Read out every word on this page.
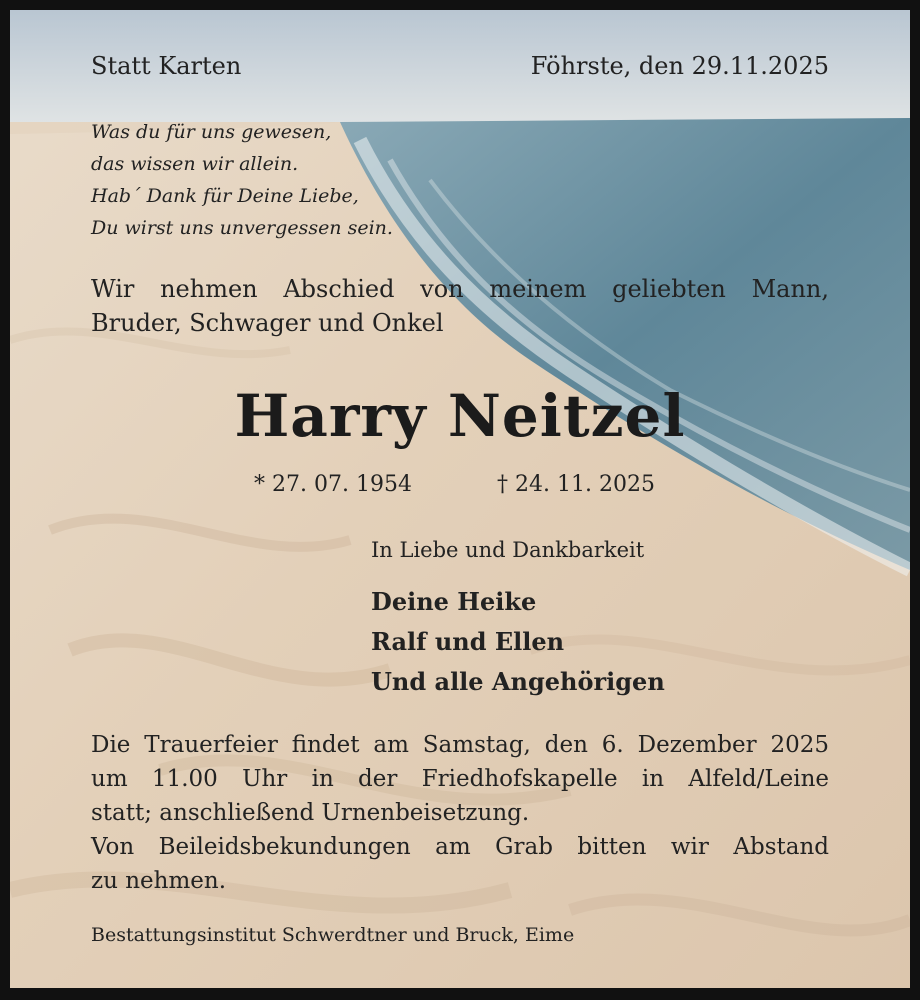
Statt Karten	Föhrste, den 29.11.2025
Was du für uns gewesen,
das wissen wir allein.
Hab´ Dank für Deine Liebe,
Du wirst uns unvergessen sein.
Wir nehmen Abschied von meinem geliebten Mann,
Bruder, Schwager und Onkel
Harry Neitzel
* 27. 07. 1954	† 24. 11. 2025
In Liebe und Dankbarkeit
Deine Heike
Ralf und Ellen
Und alle Angehörigen
Die Trauerfeier findet am Samstag, den 6. Dezember 2025
um 11.00 Uhr in der Friedhofskapelle in Alfeld/Leine
statt; anschließend Urnenbeisetzung.
Von Beileidsbekundungen am Grab bitten wir Abstand
zu nehmen.
Bestattungsinstitut Schwerdtner und Bruck, Eime
